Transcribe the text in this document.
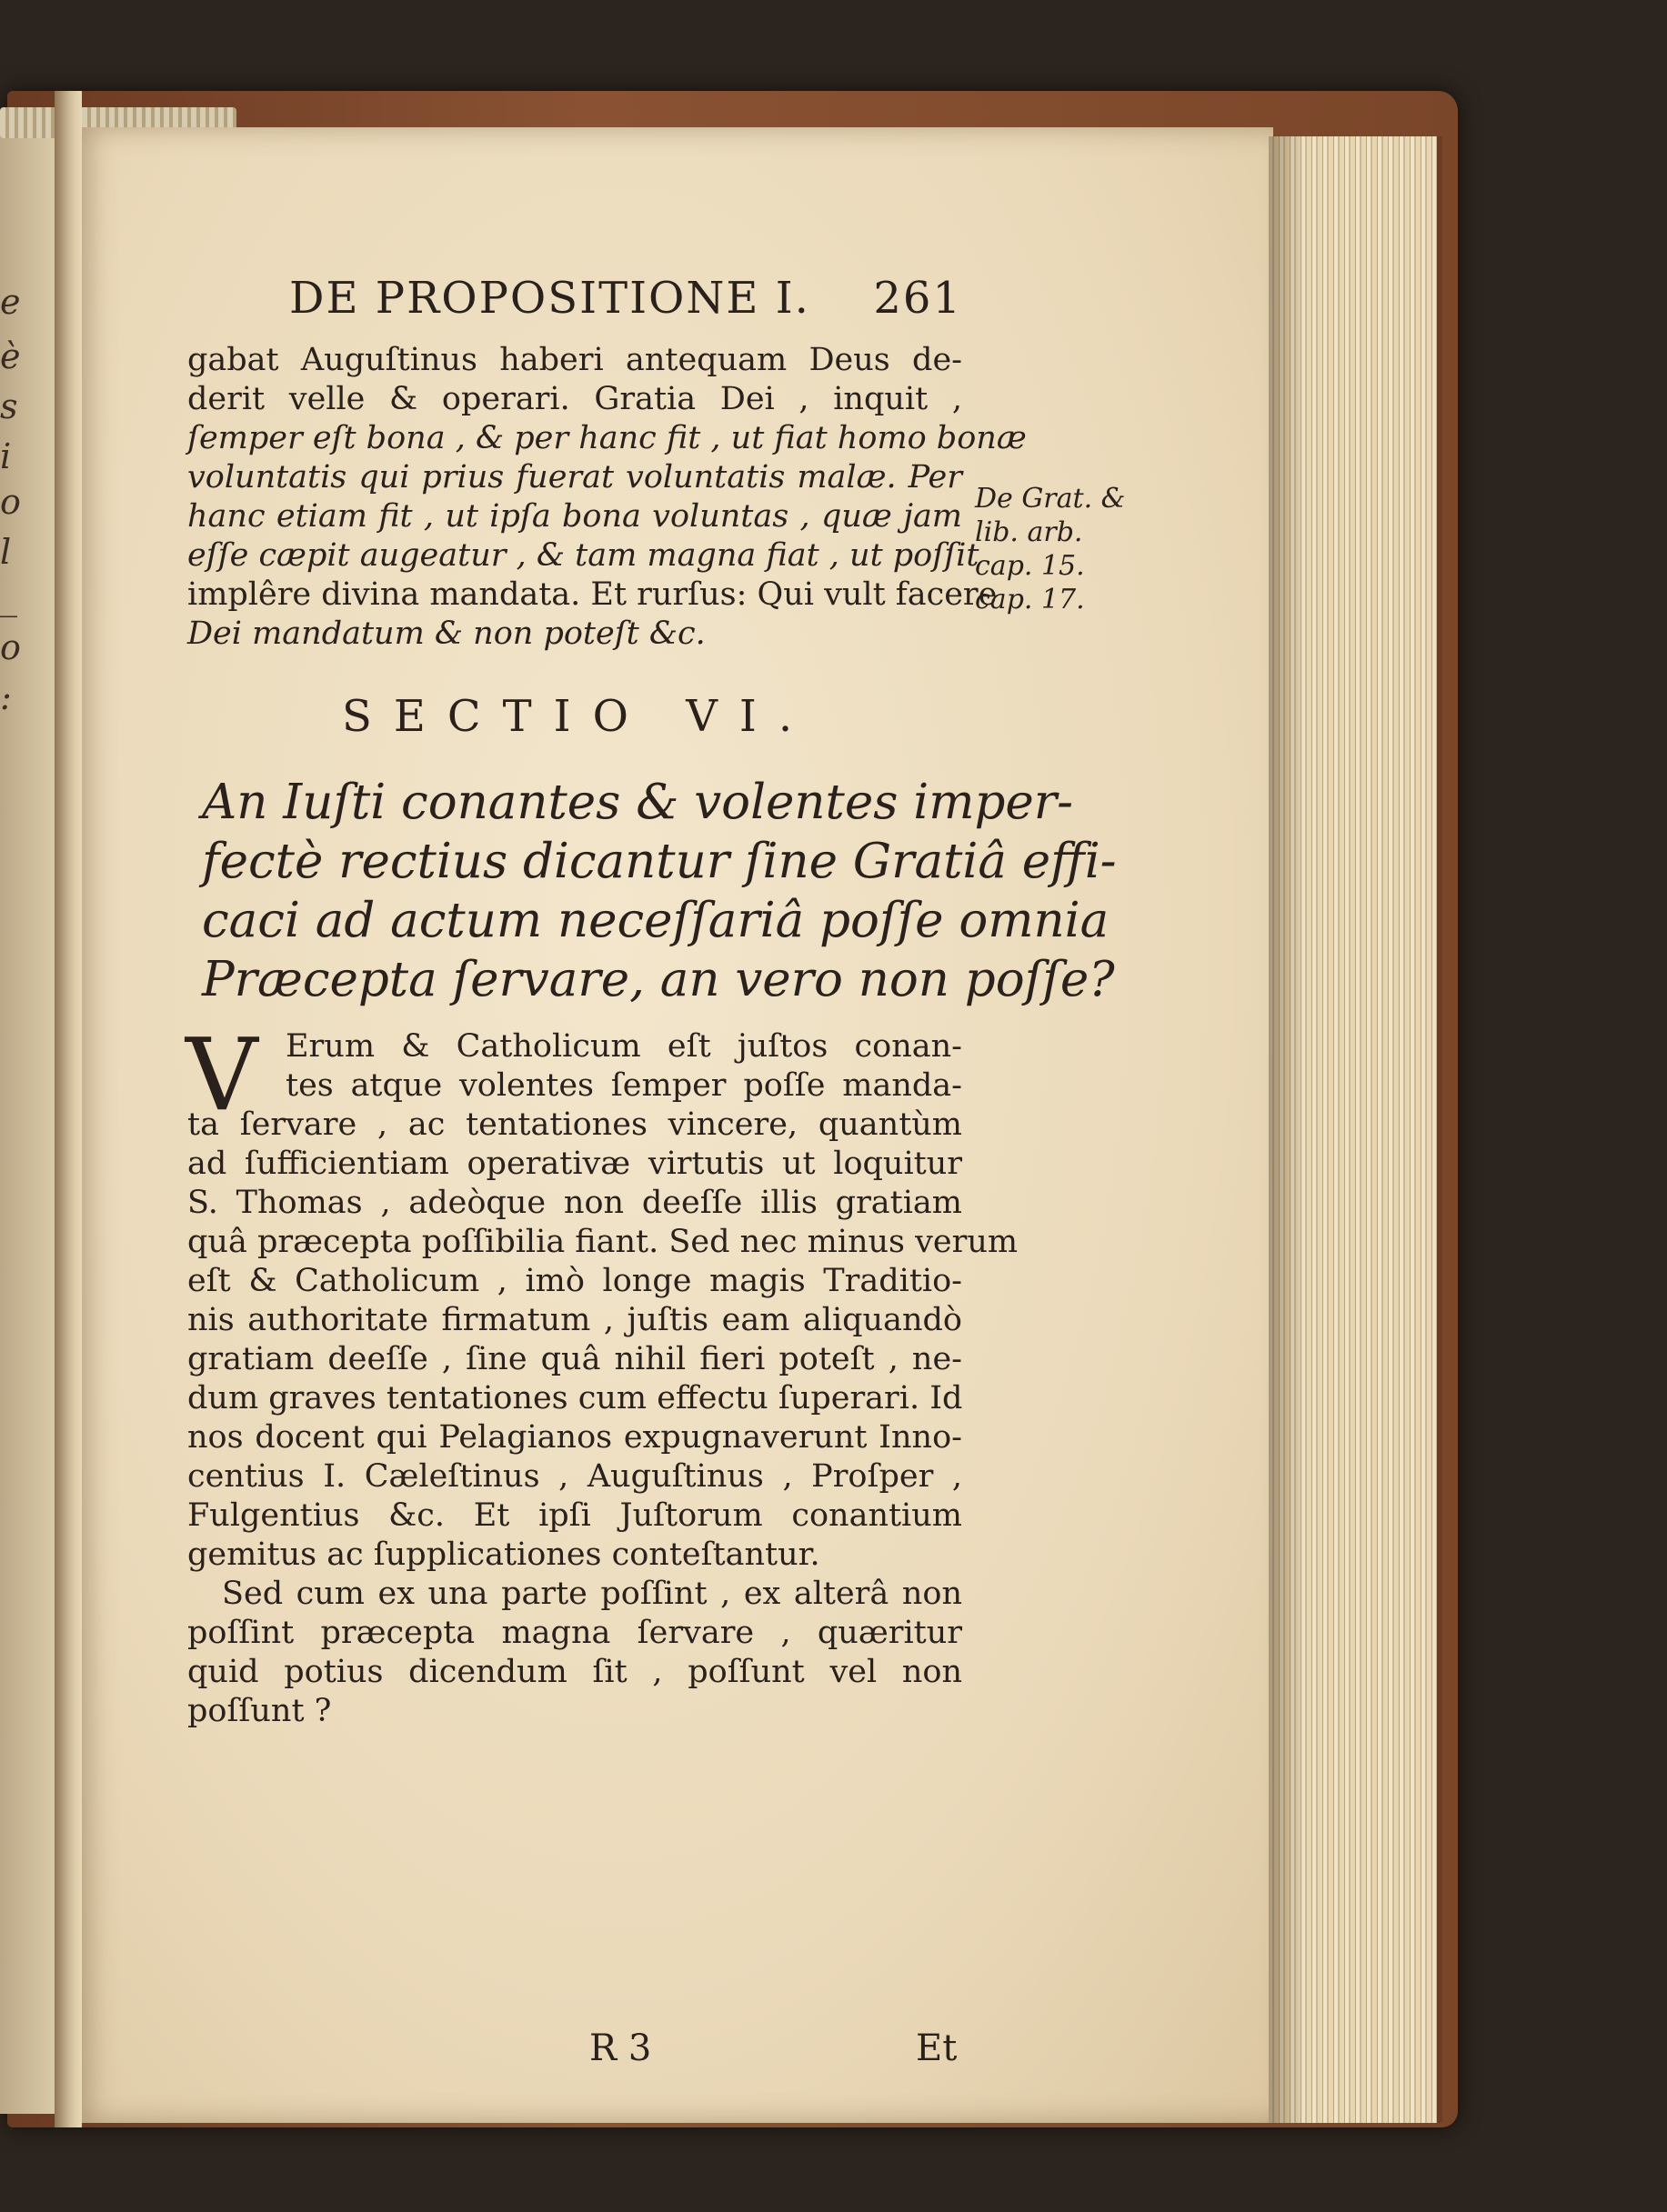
e
è
s
i
o
l
_
o
:
DE PROPOSITIONE I. 261
gabat Auguſtinus haberi antequam Deus de-
derit velle & operari. Gratia Dei , inquit ,
ſemper eſt bona , & per hanc fit , ut fiat homo bonæ
voluntatis qui prius fuerat voluntatis malæ. Per
hanc etiam fit , ut ipſa bona voluntas , quæ jam
eſſe cæpit augeatur , & tam magna fiat , ut poſſit
implêre divina mandata. Et rurſus: Qui vult facere
Dei mandatum & non poteſt &c.
De Grat. &
lib. arb.
cap. 15.
cap. 17.
SECTIO VI.
An Iuſti conantes & volentes imper-
fectè rectius dicantur ſine Gratiâ effi-
caci ad actum neceſſariâ poſſe omnia
Præcepta ſervare, an vero non poſſe?
V Erum & Catholicum eſt juſtos conan-
tes atque volentes ſemper poſſe manda-
ta ſervare , ac tentationes vincere, quantùm
ad ſufficientiam operativæ virtutis ut loquitur
S. Thomas , adeòque non deeſſe illis gratiam
quâ præcepta poſſibilia fiant. Sed nec minus verum
eſt & Catholicum , imò longe magis Traditio-
nis authoritate firmatum , juſtis eam aliquandò
gratiam deeſſe , ſine quâ nihil fieri poteſt , ne-
dum graves tentationes cum effectu ſuperari. Id
nos docent qui Pelagianos expugnaverunt Inno-
centius I. Cæleſtinus , Auguſtinus , Proſper ,
Fulgentius &c. Et ipſi Juſtorum conantium
gemitus ac ſupplicationes conteſtantur.
Sed cum ex una parte poſſint , ex alterâ non
poſſint præcepta magna ſervare , quæritur
quid potius dicendum ſit , poſſunt vel non
poſſunt ?
R 3	Et
